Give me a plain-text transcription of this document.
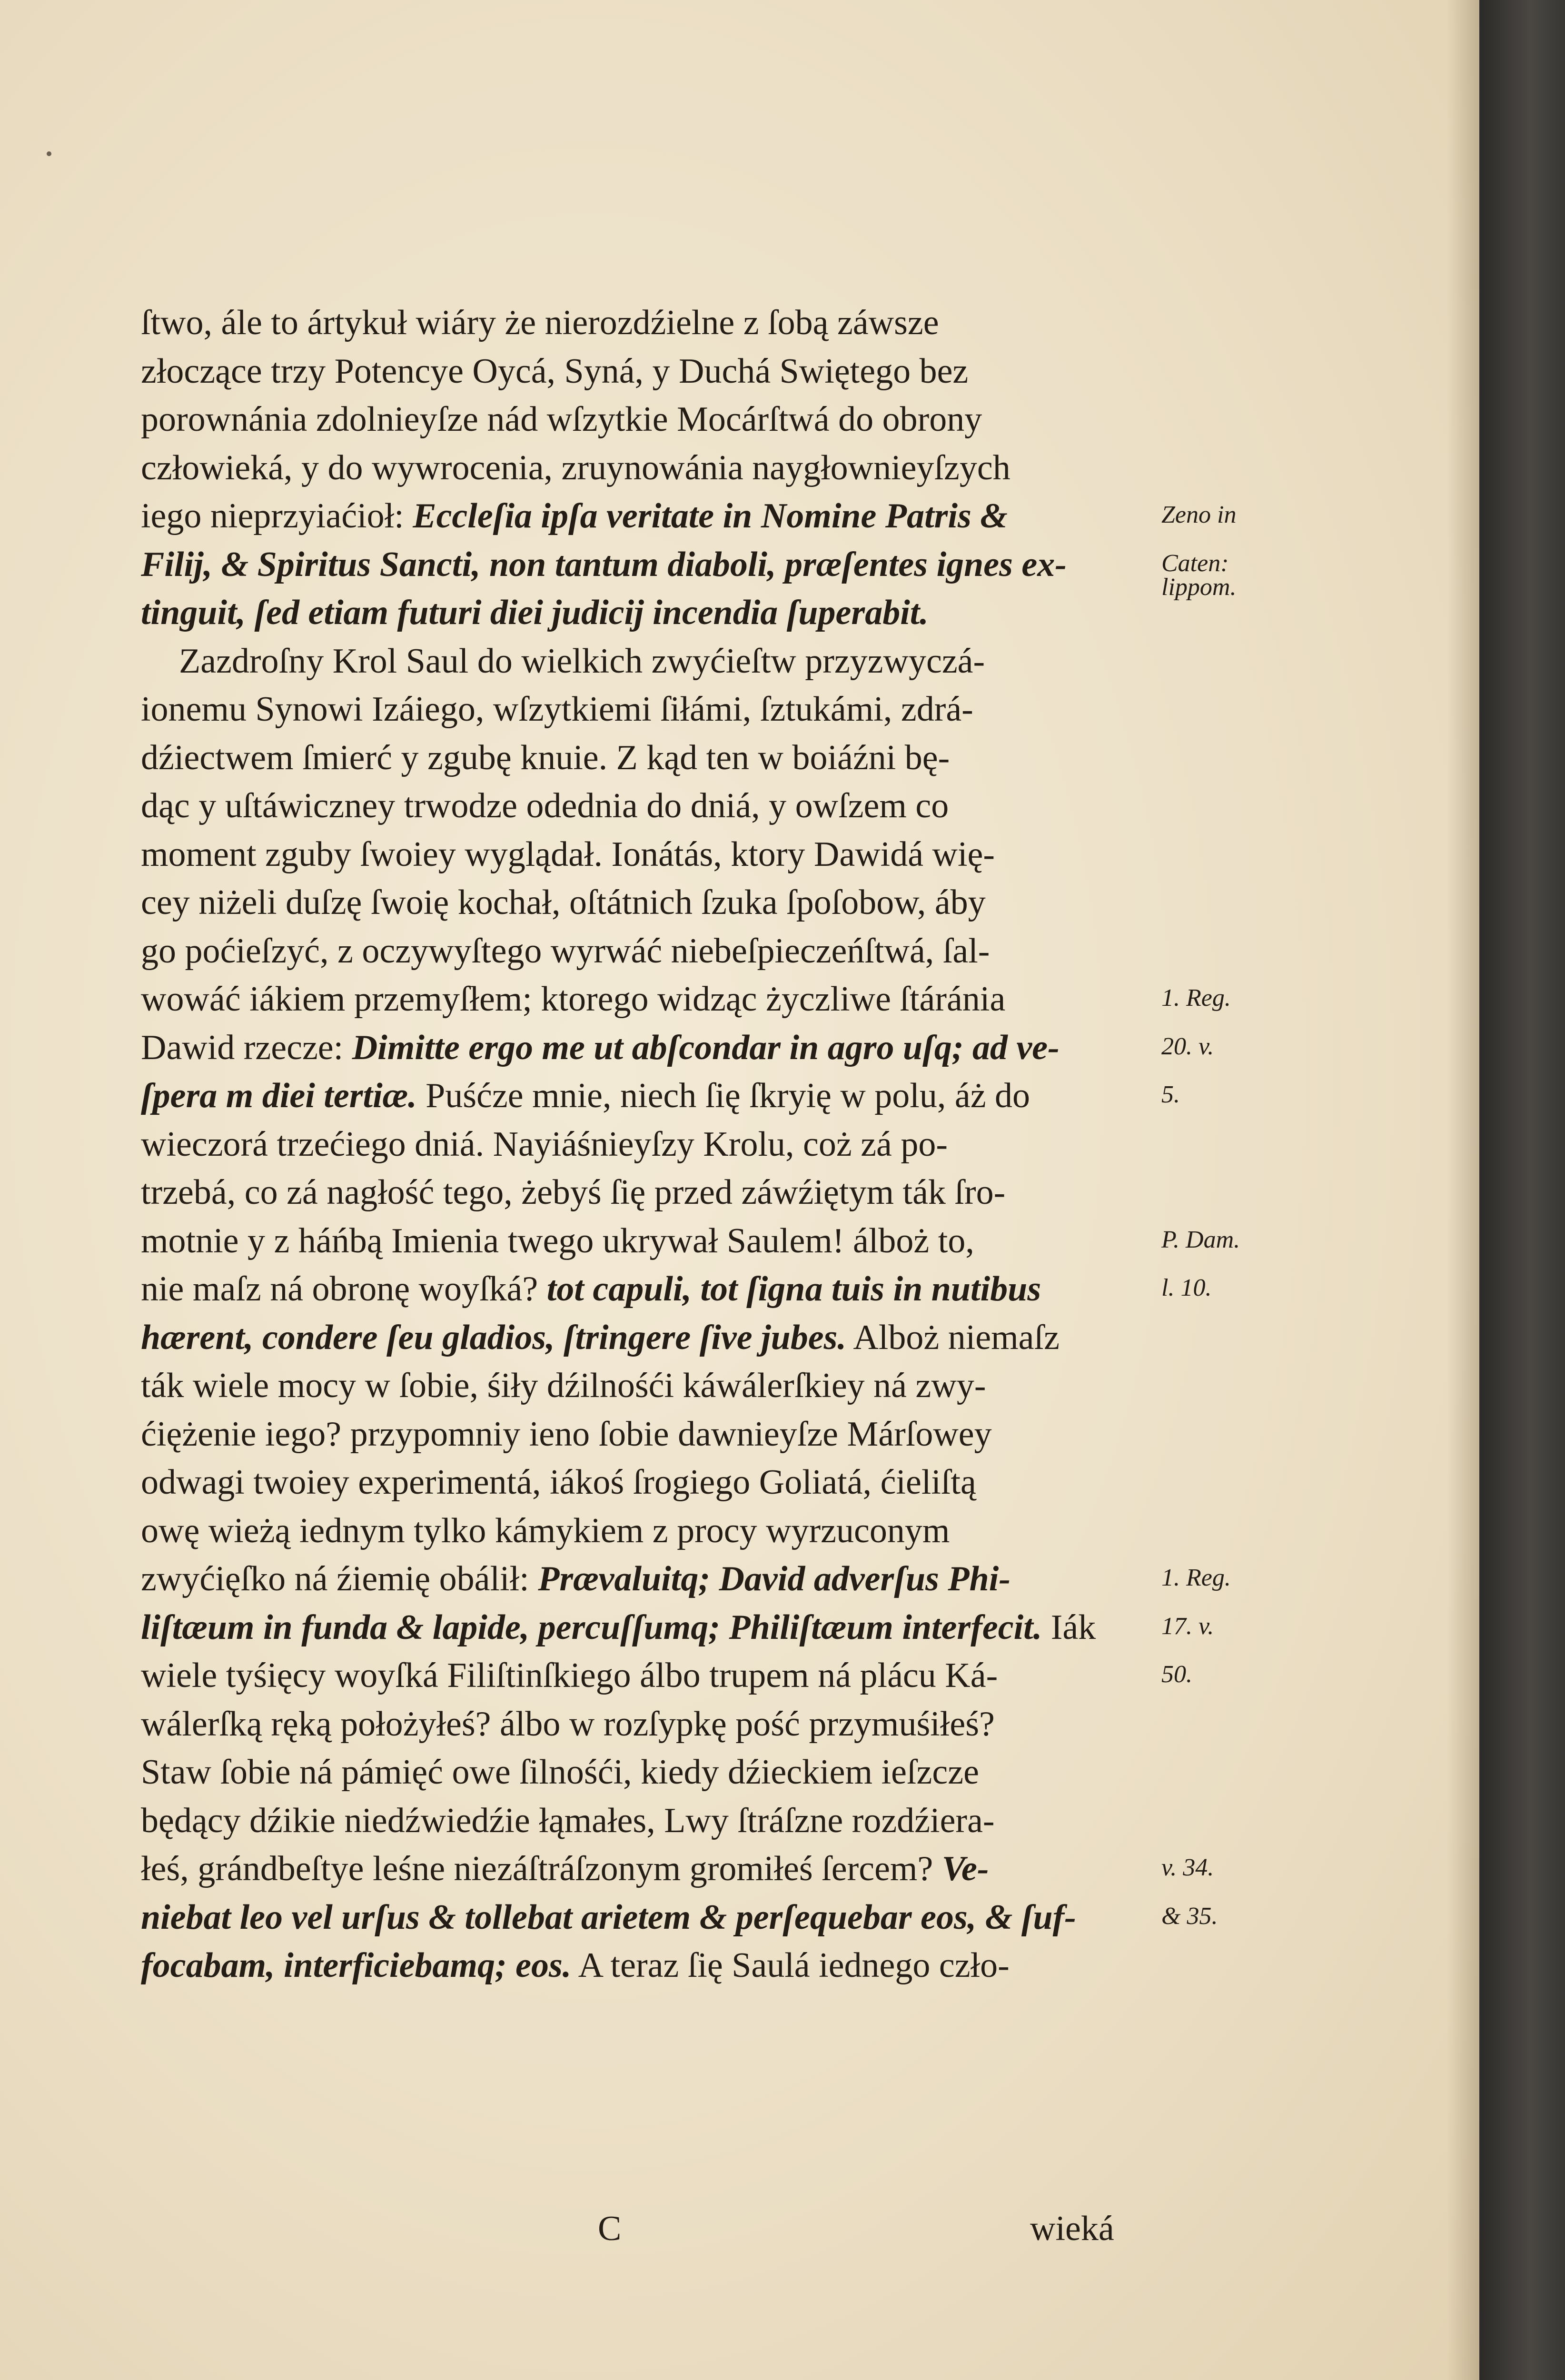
ſtwo, ále to ártykuł wiáry że nierozdźielne z ſobą záwsze
złoczące trzy Potencye Oycá, Syná, y Duchá Swiętego bez
porownánia zdolnieyſze nád wſzytkie Mocárſtwá do obrony
człowieká, y do wywrocenia, zruynowánia naygłownieyſzych
iego nieprzyiaćioł: Eccleſia ipſa veritate in Nomine Patris &
Filij, & Spiritus Sancti, non tantum diaboli, præſentes ignes ex-
tinguit, ſed etiam futuri diei judicij incendia ſuperabit.
Zazdroſny Krol Saul do wielkich zwyćieſtw przyzwyczá-
ionemu Synowi Izáiego, wſzytkiemi ſiłámi, ſztukámi, zdrá-
dźiectwem ſmierć y zgubę knuie. Z kąd ten w boiáźni bę-
dąc y uſtáwiczney trwodze odednia do dniá, y owſzem co
moment zguby ſwoiey wyglądał. Ionátás, ktory Dawidá wię-
cey niżeli duſzę ſwoię kochał, oſtátnich ſzuka ſpoſobow, áby
go poćieſzyć, z oczywyſtego wyrwáć niebeſpieczeńſtwá, ſal-
wowáć iákiem przemyſłem; ktorego widząc życzliwe ſtáránia
Dawid rzecze: Dimitte ergo me ut abſcondar in agro uſq; ad ve-
ſpera m diei tertiæ. Puśćze mnie, niech ſię ſkryię w polu, áż do
wieczorá trzećiego dniá. Nayiáśnieyſzy Krolu, coż zá po-
trzebá, co zá nagłość tego, żebyś ſię przed záwźiętym ták ſro-
motnie y z háńbą Imienia twego ukrywał Saulem! álboż to,
nie maſz ná obronę woyſká? tot capuli, tot ſigna tuis in nutibus
hærent, condere ſeu gladios, ſtringere ſive jubes. Alboż niemaſz
ták wiele mocy w ſobie, śiły dźilnośći káwálerſkiey ná zwy-
ćiężenie iego? przypomniy ieno ſobie dawnieyſze Márſowey
odwagi twoiey experimentá, iákoś ſrogiego Goliatá, ćieliſtą
owę wieżą iednym tylko kámykiem z procy wyrzuconym
zwyćięſko ná źiemię obálił: Prævaluitq; David adverſus Phi-
liſtæum in funda & lapide, percuſſumq; Philiſtæum interfecit. Iák
wiele tyśięcy woyſká Filiſtinſkiego álbo trupem ná plácu Ká-
wálerſką ręką położyłeś? álbo w rozſypkę pość przymuśiłeś?
Staw ſobie ná pámięć owe ſilnośći, kiedy dźieckiem ieſzcze
będący dźikie niedźwiedźie łąmałes, Lwy ſtráſzne rozdźiera-
łeś, grándbeſtye leśne niezáſtráſzonym gromiłeś ſercem? Ve-
niebat leo vel urſus & tollebat arietem & perſequebar eos, & ſuf-
focabam, interficiebamq; eos. A teraz ſię Saulá iednego czło-
Zeno in
Caten:
lippom.
1. Reg.
20. v.
5.
P. Dam.
l. 10.
1. Reg.
17. v.
50.
v. 34.
& 35.
C	wieká
